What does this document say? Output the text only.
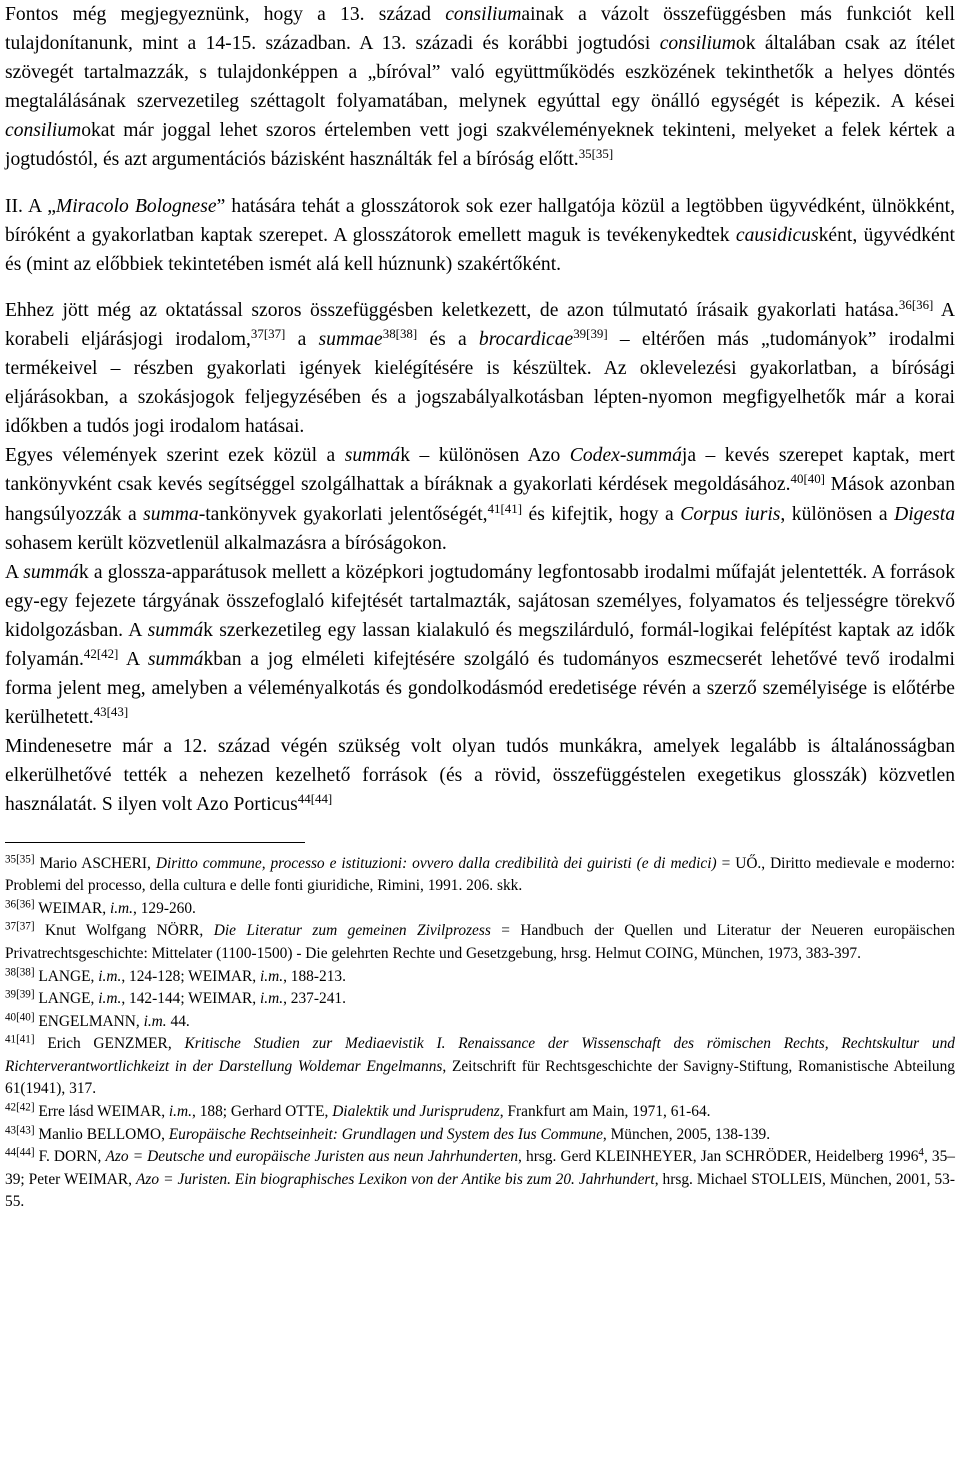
Fontos még megjegyeznünk, hogy a 13. század consiliumainak a vázolt összefüggésben más funkciót kell tulajdonítanunk, mint a 14-15. században. A 13. századi és korábbi jogtudósi consiliumok általában csak az ítélet szövegét tartalmazzák, s tulajdonképpen a „bíróval” való együttműködés eszközének tekinthetők a helyes döntés megtalálásának szervezetileg széttagolt folyamatában, melynek egyúttal egy önálló egységét is képezik. A kései consiliumokat már joggal lehet szoros értelemben vett jogi szakvéleményeknek tekinteni, melyeket a felek kértek a jogtudóstól, és azt argumentációs bázisként használták fel a bíróság előtt.$^{35[35]}$

II. A „Miracolo Bolognese” hatására tehát a glosszátorok sok ezer hallgatója közül a legtöbben ügyvédként, ülnökként, bíróként a gyakorlatban kaptak szerepet. A glosszátorok emellett maguk is tevékenykedtek causidicusként, ügyvédként és (mint az előbbiek tekintetében ismét alá kell húznunk) szakértőként.

Ehhez jött még az oktatással szoros összefüggésben keletkezett, de azon túlmutató írásaik gyakorlati hatása.$^{36[36]}$ A korabeli eljárásjogi irodalom,$^{37[37]}$ a summae$^{38[38]}$ és a brocardicae$^{39[39]}$ – eltérően más „tudományok” irodalmi termékeivel – részben gyakorlati igények kielégítésére is készültek. Az oklevelezési gyakorlatban, a bírósági eljárásokban, a szokásjogok feljegyzésében és a jogszabályalkotásban lépten-nyomon megfigyelhetők már a korai időkben a tudós jogi irodalom hatásai.

Egyes vélemények szerint ezek közül a summák – különösen Azo Codex-summája – kevés szerepet kaptak, mert tankönyvként csak kevés segítséggel szolgálhattak a bíráknak a gyakorlati kérdések megoldásához.$^{40[40]}$ Mások azonban hangsúlyozzák a summa-tankönyvek gyakorlati jelentőségét,$^{41[41]}$ és kifejtik, hogy a Corpus iuris, különösen a Digesta sohasem került közvetlenül alkalmazásra a bíróságokon.

A summák a glossza-apparátusok mellett a középkori jogtudomány legfontosabb irodalmi műfaját jelentették. A források egy-egy fejezete tárgyának összefoglaló kifejtését tartalmazták, sajátosan személyes, folyamatos és teljességre törekvő kidolgozásban. A summák szerkezetileg egy lassan kialakuló és megszilárduló, formál-logikai felépítést kaptak az idők folyamán.$^{42[42]}$ A summákban a jog elméleti kifejtésére szolgáló és tudományos eszmecserét lehetővé tevő irodalmi forma jelent meg, amelyben a véleményalkotás és gondolkodásmód eredetisége révén a szerző személyisége is előtérbe kerülhetett.$^{43[43]}$

Mindenesetre már a 12. század végén szükség volt olyan tudós munkákra, amelyek legalább is általánosságban elkerülhetővé tették a nehezen kezelhető források (és a rövid, összefüggéstelen exegetikus glosszák) közvetlen használatát. S ilyen volt Azo Porticus$^{44[44]}$

$^{35[35]}$ Mario ASCHERI, Diritto commune, processo e istituzioni: ovvero dalla credibilità dei guiristi (e di medici) = UŐ., Diritto medievale e moderno: Problemi del processo, della cultura e delle fonti giuridiche, Rimini, 1991. 206. skk.

$^{36[36]}$ WEIMAR, i.m., 129-260.

$^{37[37]}$ Knut Wolfgang NÖRR, Die Literatur zum gemeinen Zivilprozess = Handbuch der Quellen und Literatur der Neueren europäischen Privatrechtsgeschichte: Mittelater (1100-1500) - Die gelehrten Rechte und Gesetzgebung, hrsg. Helmut COING, München, 1973, 383-397.

$^{38[38]}$ LANGE, i.m., 124-128; WEIMAR, i.m., 188-213.

$^{39[39]}$ LANGE, i.m., 142-144; WEIMAR, i.m., 237-241.

$^{40[40]}$ ENGELMANN, i.m. 44.

$^{41[41]}$ Erich GENZMER, Kritische Studien zur Mediaevistik I. Renaissance der Wissenschaft des römischen Rechts, Rechtskultur und Richterverantwortlichkeizt in der Darstellung Woldemar Engelmanns, Zeitschrift für Rechtsgeschichte der Savigny-Stiftung, Romanistische Abteilung 61(1941), 317.

$^{42[42]}$ Erre lásd WEIMAR, i.m., 188; Gerhard OTTE, Dialektik und Jurisprudenz, Frankfurt am Main, 1971, 61-64.

$^{43[43]}$ Manlio BELLOMO, Europäische Rechtseinheit: Grundlagen und System des Ius Commune, München, 2005, 138-139.

$^{44[44]}$ F. DORN, Azo = Deutsche und europäische Juristen aus neun Jahrhunderten, hrsg. Gerd KLEINHEYER, Jan SCHRÖDER, Heidelberg 1996$^4$, 35–39; Peter WEIMAR, Azo = Juristen. Ein biographisches Lexikon von der Antike bis zum 20. Jahrhundert, hrsg. Michael STOLLEIS, München, 2001, 53-55.
